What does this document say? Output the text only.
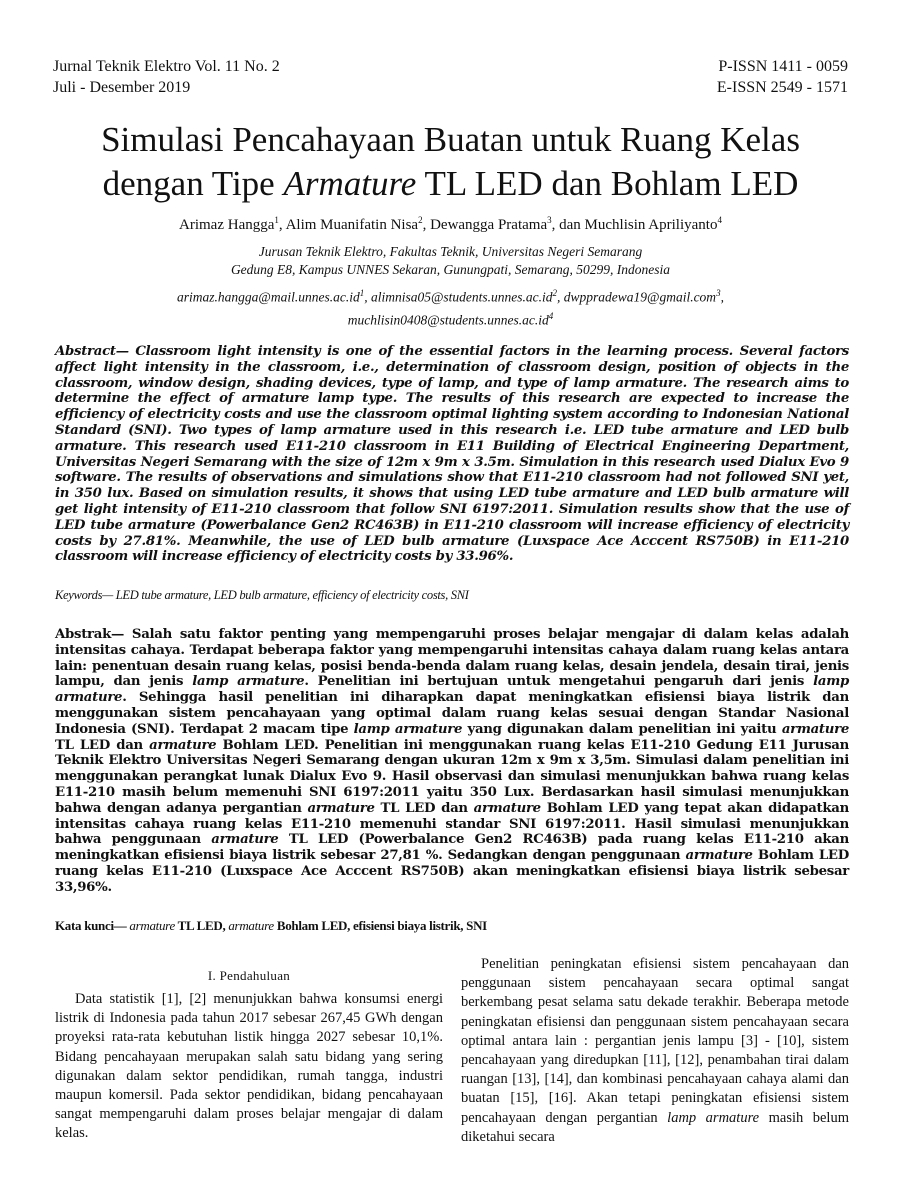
Jurnal Teknik Elektro Vol. 11 No. 2
Juli - Desember 2019
P-ISSN 1411 - 0059
E-ISSN 2549 - 1571
Simulasi Pencahayaan Buatan untuk Ruang Kelas
dengan Tipe Armature TL LED dan Bohlam LED
Arimaz Hangga$^1$, Alim Muanifatin Nisa$^2$, Dewangga Pratama$^3$, dan Muchlisin Apriliyanto$^4$
Jurusan Teknik Elektro, Fakultas Teknik, Universitas Negeri Semarang
Gedung E8, Kampus UNNES Sekaran, Gunungpati, Semarang, 50299, Indonesia
$arimaz.hangga@mail.unnes.ac.id^1$, $alimnisa05@students.unnes.ac.id^2$, dwppradewa19@gmail.com$^3$,
$muchlisin0408@students.unnes.ac.id^4$
Abstract— Classroom light intensity is one of the essential factors in the learning process. Several factors affect light intensity in the classroom, i.e., determination of classroom design, position of objects in the classroom, window design, shading devices, type of lamp, and type of lamp armature. The research aims to determine the effect of armature lamp type. The results of this research are expected to increase the efficiency of electricity costs and use the classroom optimal lighting system according to Indonesian National Standard (SNI). Two types of lamp armature used in this research i.e. LED tube armature and LED bulb armature. This research used E11-210 classroom in E11 Building of Electrical Engineering Department, Universitas Negeri Semarang with the size of 12m x 9m x 3.5m. Simulation in this research used Dialux Evo 9 software. The results of observations and simulations show that E11-210 classroom had not followed SNI yet, in 350 lux. Based on simulation results, it shows that using LED tube armature and LED bulb armature will get light intensity of E11-210 classroom that follow SNI 6197:2011. Simulation results show that the use of LED tube armature (Powerbalance Gen2 RC463B) in E11-210 classroom will increase efficiency of electricity costs by 27.81%. Meanwhile, the use of LED bulb armature (Luxspace Ace Acccent RS750B) in E11-210 classroom will increase efficiency of electricity costs by 33.96%.
Keywords— LED tube armature, LED bulb armature, efficiency of electricity costs, SNI
Abstrak— Salah satu faktor penting yang mempengaruhi proses belajar mengajar di dalam kelas adalah intensitas cahaya. Terdapat beberapa faktor yang mempengaruhi intensitas cahaya dalam ruang kelas antara lain: penentuan desain ruang kelas, posisi benda-benda dalam ruang kelas, desain jendela, desain tirai, jenis lampu, dan jenis lamp armature. Penelitian ini bertujuan untuk mengetahui pengaruh dari jenis lamp armature. Sehingga hasil penelitian ini diharapkan dapat meningkatkan efisiensi biaya listrik dan menggunakan sistem pencahayaan yang optimal dalam ruang kelas sesuai dengan Standar Nasional Indonesia (SNI). Terdapat 2 macam tipe lamp armature yang digunakan dalam penelitian ini yaitu armature TL LED dan armature Bohlam LED. Penelitian ini menggunakan ruang kelas E11-210 Gedung E11 Jurusan Teknik Elektro Universitas Negeri Semarang dengan ukuran 12m x 9m x 3,5m. Simulasi dalam penelitian ini menggunakan perangkat lunak Dialux Evo 9. Hasil observasi dan simulasi menunjukkan bahwa ruang kelas E11-210 masih belum memenuhi SNI 6197:2011 yaitu 350 Lux. Berdasarkan hasil simulasi menunjukkan bahwa dengan adanya pergantian armature TL LED dan armature Bohlam LED yang tepat akan didapatkan intensitas cahaya ruang kelas E11-210 memenuhi standar SNI 6197:2011. Hasil simulasi menunjukkan bahwa penggunaan armature TL LED (Powerbalance Gen2 RC463B) pada ruang kelas E11-210 akan meningkatkan efisiensi biaya listrik sebesar 27,81 %. Sedangkan dengan penggunaan armature Bohlam LED ruang kelas E11-210 (Luxspace Ace Acccent RS750B) akan meningkatkan efisiensi biaya listrik sebesar 33,96%.
Kata kunci— armature TL LED, armature Bohlam LED, efisiensi biaya listrik, SNI
I. Pendahuluan
Data statistik [1], [2] menunjukkan bahwa konsumsi energi listrik di Indonesia pada tahun 2017 sebesar 267,45 GWh dengan proyeksi rata-rata kebutuhan listik hingga 2027 sebesar 10,1%. Bidang pencahayaan merupakan salah satu bidang yang sering digunakan dalam sektor pendidikan, rumah tangga, industri maupun komersil. Pada sektor pendidikan, bidang pencahayaan sangat mempengaruhi dalam proses belajar mengajar di dalam kelas.
Penelitian peningkatan efisiensi sistem pencahayaan dan penggunaan sistem pencahayaan secara optimal sangat berkembang pesat selama satu dekade terakhir. Beberapa metode peningkatan efisiensi dan penggunaan sistem pencahayaan secara optimal antara lain : pergantian jenis lampu [3] - [10], sistem pencahayaan yang diredupkan [11], [12], penambahan tirai dalam ruangan [13], [14], dan kombinasi pencahayaan cahaya alami dan buatan [15], [16]. Akan tetapi peningkatan efisiensi sistem pencahayaan dengan pergantian lamp armature masih belum diketahui secara
